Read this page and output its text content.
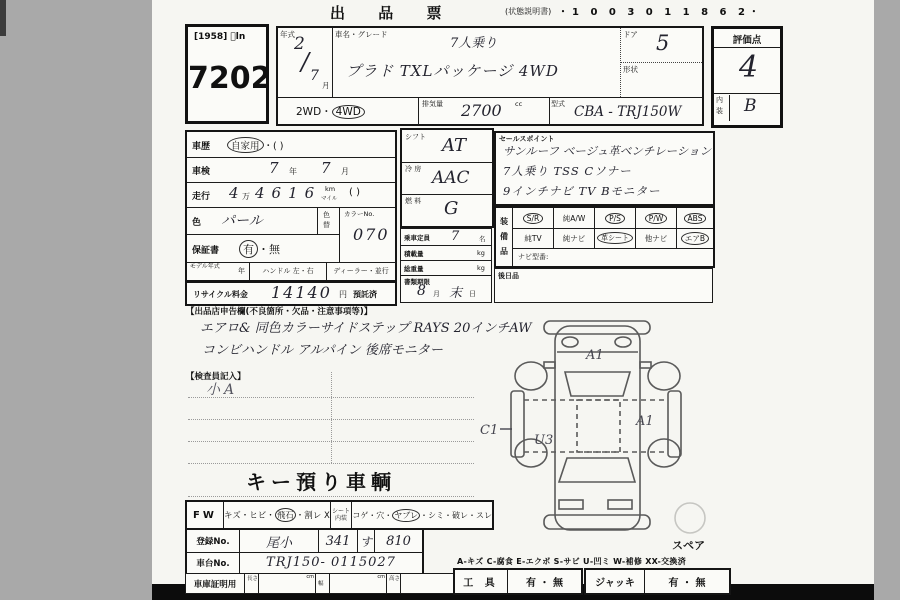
出 品 票	(状態説明書) ・1 0 0 3 0 1 1 8 6 2・
[1958] ゙ln
7202
年式 2
/ 7
月
車名・グレード
7人乗り
プラド TXLパッケージ 4WD
ドア 5
形状
2WD・ 4WD
排気量 2700 cc	型式 CBA - TRJ150W
評価点
4
内装	B
車歴	自家用 ・( )
車検	7 年 7 月
走行 4 万 4616 km
マイル
( )
色 パール	色替
カラーNo.
070
保証書	有 ・無
モデル年式
年	ハンドル 左・右	ディーラー・並行
リサイクル料金 14140 円 預託済
シフト AT
冷 房 AAC
燃 料 G
乗車定員 7	名
積載量	kg
総重量	kg
書類期限
8 月 末 日
セールスポイント
サンルーフ ベージュ革ベンチレーション
7人乗り TSS Cソナー
9インチナビ TV Bモニター
装備品
S/R	純A/W	P/S	P/W	ABS
純TV	純ナビ	革シート	他ナビ	エアB
ナビ型番:
後日品
【出品店申告欄(不良箇所・欠品・注意事項等)】
エアロ& 同色カラーサイドステップ RAYS 20インチAW
コンビハンドル アルパイン 後席モニター
【検査員記入】
小A
キー預り車輌
A1
A1
U3
C1
スペア
FW キズ・ヒビ・ 飛石 ・割レ X シート内装 コゲ・穴・ ヤブレ ・シミ・破レ・スレ
登録No.	尾小	341 す	810
車台No.	TRJ150- 0115027
車庫証明用
長さ	cm
幅
cm 高さ
A-キズ C-腐食 E-エクボ S-サビ U-凹ミ W-補修 XX-交換済
工 具	有 ・ 無	ジャッキ	有 ・ 無
